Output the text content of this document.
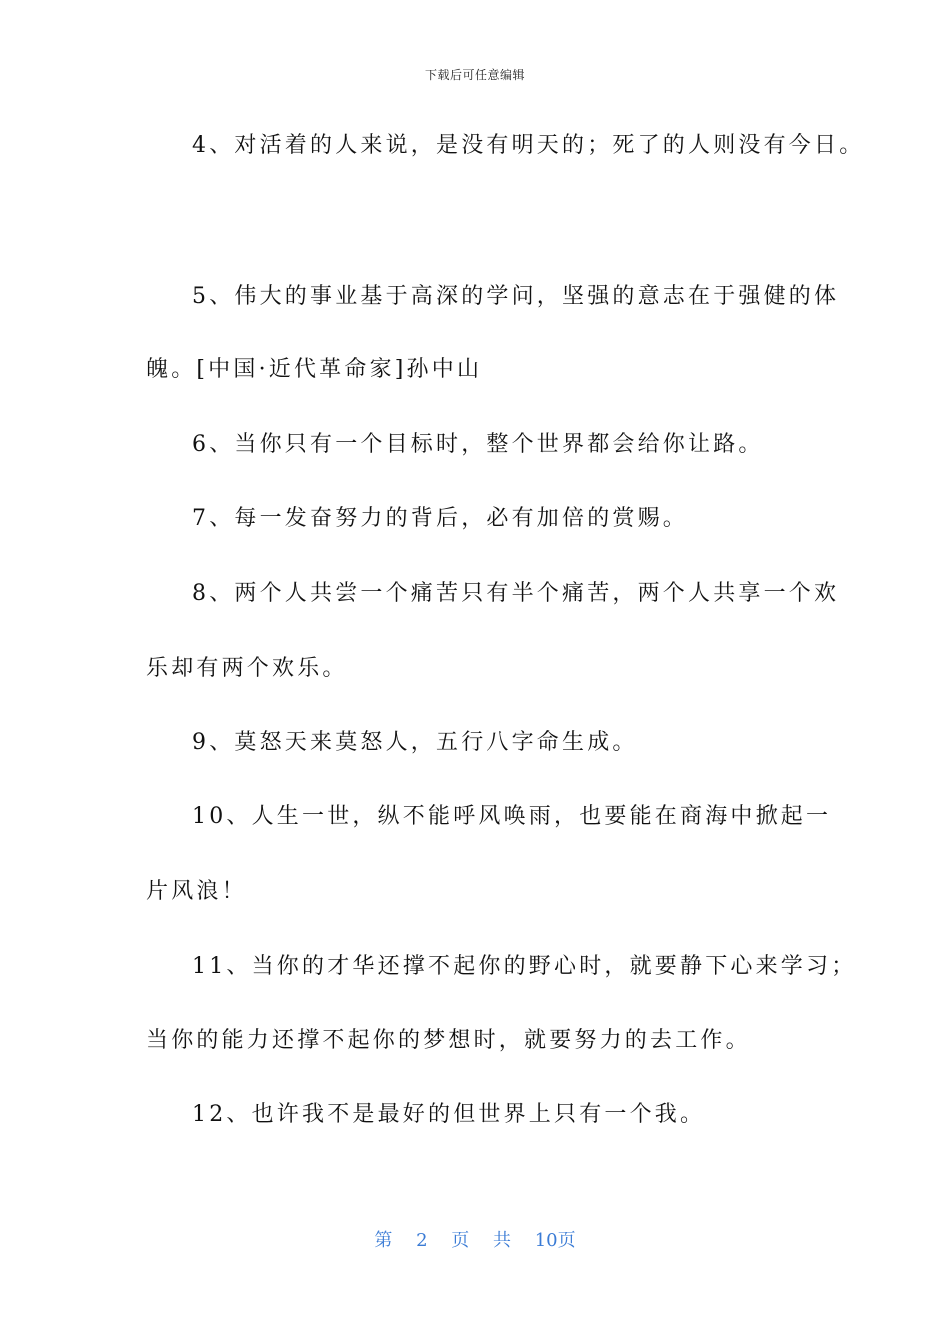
下载后可任意编辑
4、对活着的人来说，是没有明天的；死了的人则没有今日。
5、伟大的事业基于高深的学问，坚强的意志在于强健的体
魄。[中国·近代革命家]孙中山
6、当你只有一个目标时，整个世界都会给你让路。
7、每一发奋努力的背后，必有加倍的赏赐。
8、两个人共尝一个痛苦只有半个痛苦，两个人共享一个欢
乐却有两个欢乐。
9、莫怒天来莫怒人，五行八字命生成。
10、人生一世，纵不能呼风唤雨，也要能在商海中掀起一
片风浪！
11、当你的才华还撑不起你的野心时，就要静下心来学习；
当你的能力还撑不起你的梦想时，就要努力的去工作。
12、也许我不是最好的但世界上只有一个我。
第 2 页 共 10页
